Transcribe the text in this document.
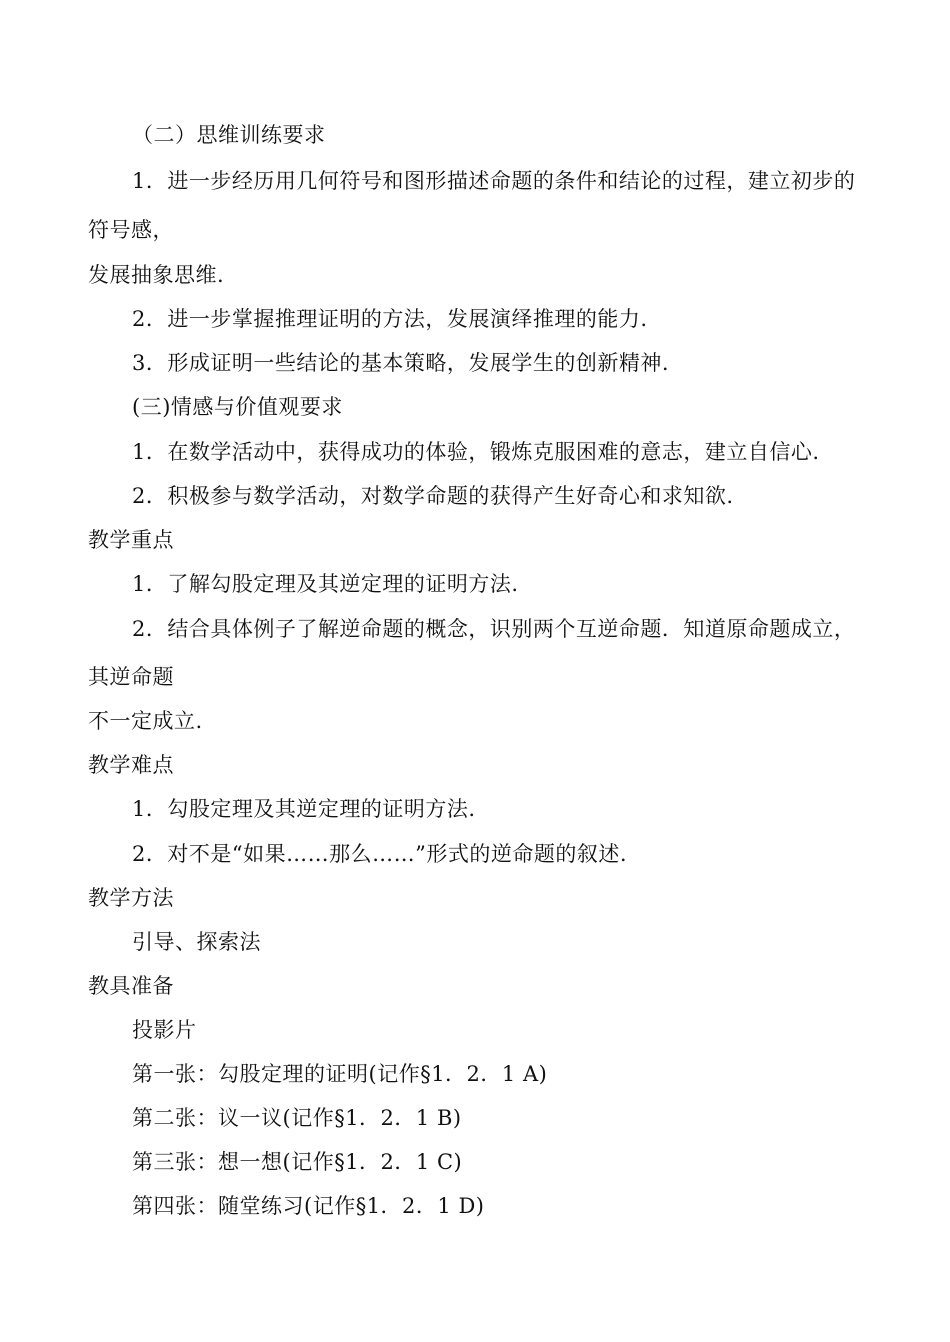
（二）思维训练要求
1．进一步经历用几何符号和图形描述命题的条件和结论的过程，建立初步的
符号感，
发展抽象思维.
2．进一步掌握推理证明的方法，发展演绎推理的能力.
3．形成证明一些结论的基本策略，发展学生的创新精神.
(三)情感与价值观要求
1．在数学活动中，获得成功的体验，锻炼克服困难的意志，建立自信心.
2．积极参与数学活动，对数学命题的获得产生好奇心和求知欲.
教学重点
1．了解勾股定理及其逆定理的证明方法.
2．结合具体例子了解逆命题的概念，识别两个互逆命题．知道原命题成立，
其逆命题
不一定成立.
教学难点
1．勾股定理及其逆定理的证明方法.
2．对不是“如果……那么……”形式的逆命题的叙述.
教学方法
引导、探索法
教具准备
投影片
第一张：勾股定理的证明(记作§1．2．1 A)
第二张：议一议(记作§1．2．1 B)
第三张：想一想(记作§1．2．1 C)
第四张：随堂练习(记作§1．2．1 D)
